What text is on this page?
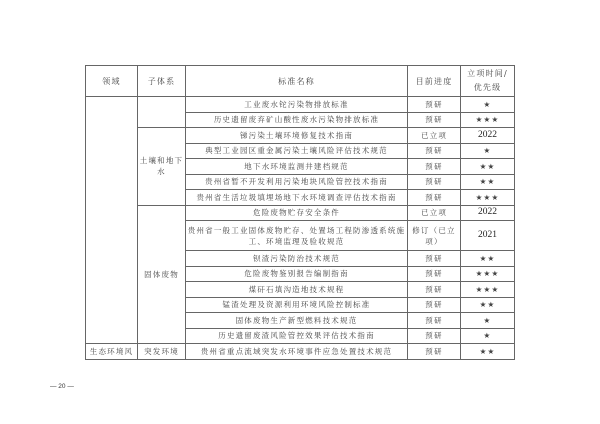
领域	子体系	标准名称	目前进度	立项时间/
优先级

		工业废水铊污染物排放标准	预研	★
		历史遗留废弃矿山酸性废水污染物排放标准	预研	★★★
	土壤和地下水	锑污染土壤环境修复技术指南	已立项	2022
		典型工业园区重金属污染土壤风险评估技术规范	预研	★
		地下水环境监测井建档规范	预研	★★
		贵州省暂不开发利用污染地块风险管控技术指南	预研	★★
		贵州省生活垃圾填埋场地下水环境调查评估技术指南	预研	★★★
	固体废物	危险废物贮存安全条件	已立项	2022
		贵州省一般工业固体废物贮存、处置场工程防渗透系统施工、环境监理及验收规范	修订（已立项）	2021
		钡渣污染防治技术规范	预研	★★
		危险废物鉴别报告编制指南	预研	★★★
		煤矸石填沟造地技术规程	预研	★★★
		锰渣处理及资源利用环境风险控制标准	预研	★★
		固体废物生产新型燃料技术规范	预研	★
		历史遗留废渣风险管控效果评估技术指南	预研	★
生态环境风	突发环境	贵州省重点流域突发水环境事件应急处置技术规范	预研	★★
— 20 —
